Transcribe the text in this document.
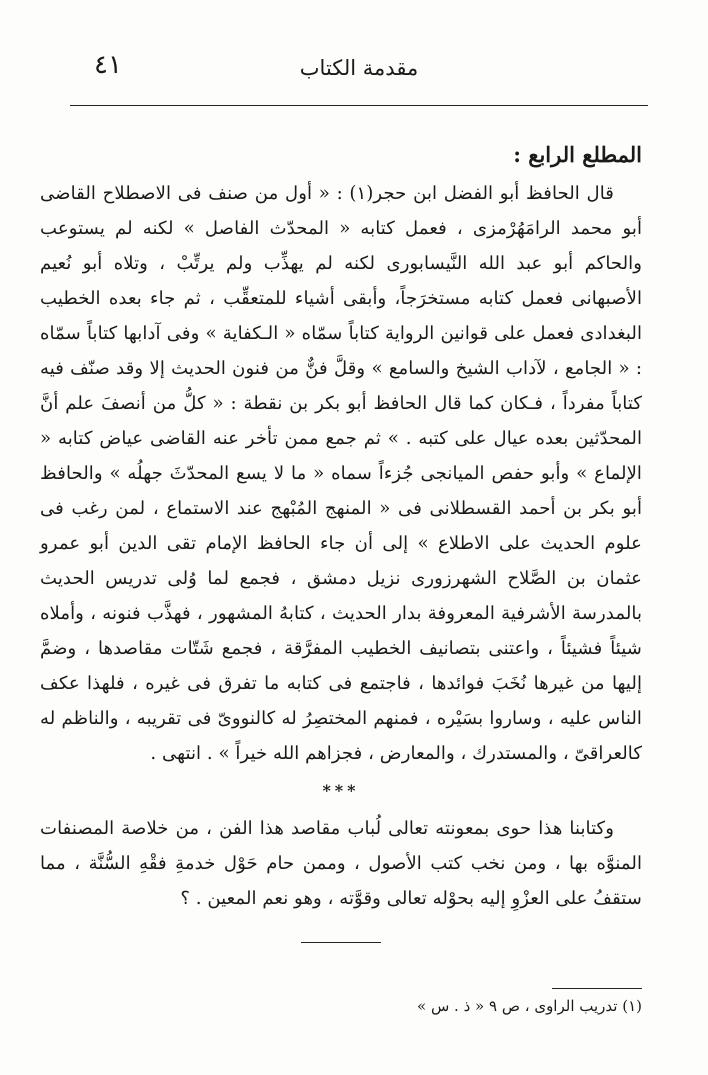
٤١	مقدمة الكتاب
المطلع الرابع :

قال الحافظ أبو الفضل ابن حجر(١) : « أول من صنف فى الاصطلاح القاضى أبو محمد الرامَهُرْمزى ، فعمل كتابه « المحدّث الفاصل » لكنه لم يستوعب والحاكم أبو عبد الله النَّيسابورى لكنه لم يهذِّب ولم يرتِّبْ ، وتلاه أبو نُعيم الأصبهانى فعمل كتابه مستخرَجاً، وأبقى أشياء للمتعقِّب ، ثم جاء بعده الخطيب البغدادى فعمل على قوانين الرواية كتاباً سمّاه « الـكفاية » وفى آدابها كتاباً سمّاه : « الجامع ، لآداب الشيخ والسامع » وقلَّ فنٌّ من فنون الحديث إلا وقد صنّف فيه كتاباً مفرداً ، فـكان كما قال الحافظ أبو بكر بن نقطة : « كلُّ من أنصفَ علم أنَّ المحدّثين بعده عيال على كتبه . » ثم جمع ممن تأخر عنه القاضى عياض كتابه « الإلماع » وأبو حفص الميانجى جُزءاً سماه « ما لا يسع المحدّثَ جهلُه » والحافظ أبو بكر بن أحمد القسطلانى فى « المنهج المُبْهج عند الاستماع ، لمن رغب فى علوم الحديث على الاطلاع » إلى أن جاء الحافظ الإمام تقى الدين أبو عمرو عثمان بن الصَّلاح الشهرزورى نزيل دمشق ، فجمع لما وُلى تدريس الحديث بالمدرسة الأشرفية المعروفة بدار الحديث ، كتابهُ المشهور ، فهذَّب فنونه ، وأملاه شيئاً فشيئاً ، واعتنى بتصانيف الخطيب المفرَّقة ، فجمع شَتّات مقاصدها ، وضمَّ إليها من غيرها نُخَبَ فوائدها ، فاجتمع فى كتابه ما تفرق فى غيره ، فلهذا عكف الناس عليه ، وساروا بسَيْره ، فمنهم المختصِرُ له كالنووىّ فى تقريبه ، والناظم له كالعراقىّ ، والمستدرك ، والمعارض ، فجزاهم الله خيراً » . انتهى .

***

وكتابنا هذا حوى بمعونته تعالى لُباب مقاصد هذا الفن ، من خلاصة المصنفات المنوَّه بها ، ومن نخب كتب الأصول ، وممن حام حَوْل خدمةِ فقْهِ السُّنَّة ، مما ستقفُ على العزْوِ إليه بحوْله تعالى وقوَّته ، وهو نعم المعين . ؟

(١) تدريب الراوى ، ص ٩ « ذ . س »
